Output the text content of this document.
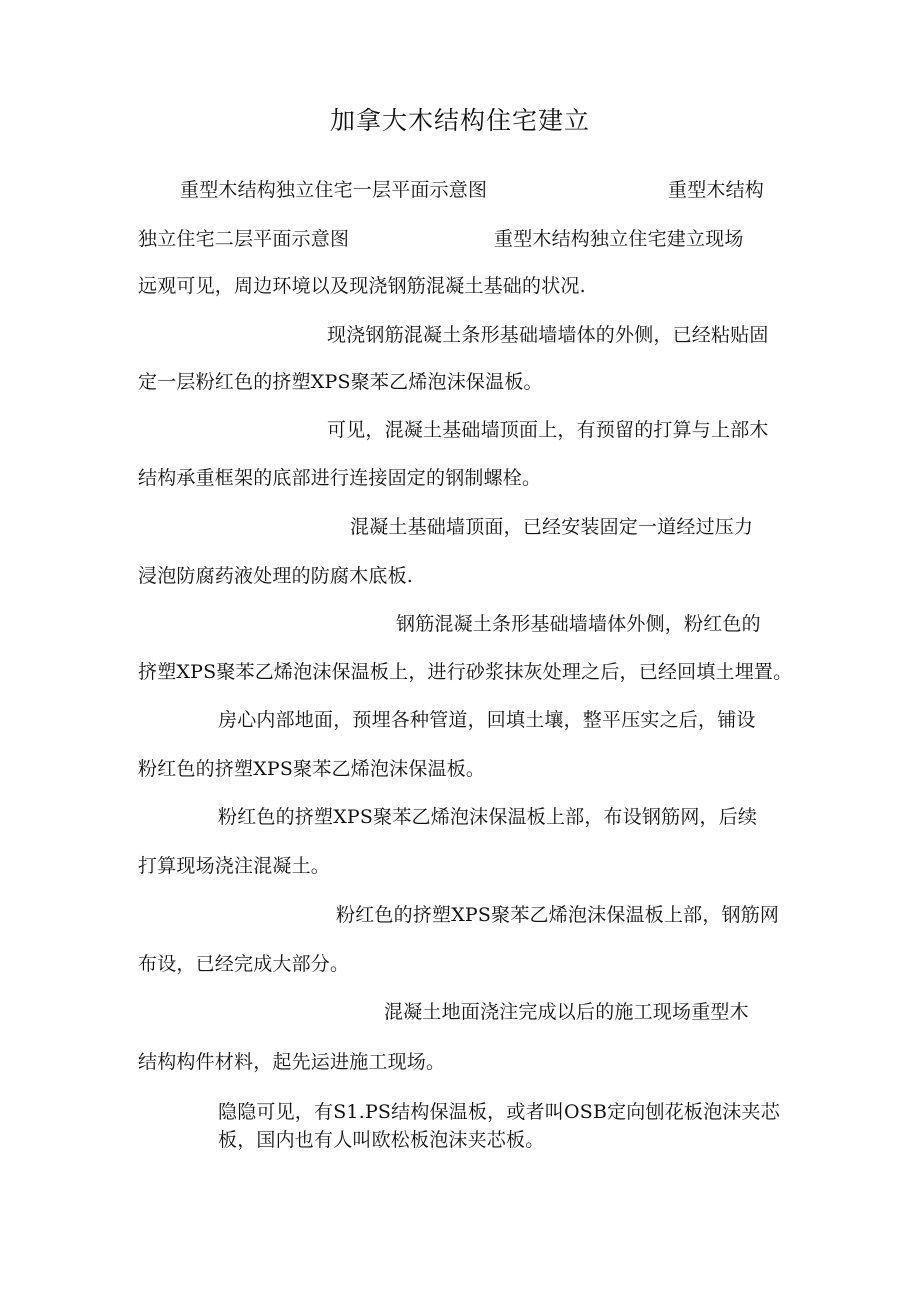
加拿大木结构住宅建立
重型木结构独立住宅一层平面示意图	重型木结构
独立住宅二层平面示意图	重型木结构独立住宅建立现场
远观可见，周边环境以及现浇钢筋混凝土基础的状况.
现浇钢筋混凝土条形基础墙墙体的外侧，已经粘贴固
定一层粉红色的挤塑XPS聚苯乙烯泡沫保温板。
可见，混凝土基础墙顶面上，有预留的打算与上部木
结构承重框架的底部进行连接固定的钢制螺栓。
混凝土基础墙顶面，已经安装固定一道经过压力
浸泡防腐药液处理的防腐木底板.
钢筋混凝土条形基础墙墙体外侧，粉红色的
挤塑XPS聚苯乙烯泡沫保温板上，进行砂浆抹灰处理之后，已经回填土埋置。
房心内部地面，预埋各种管道，回填土壤，整平压实之后，铺设
粉红色的挤塑XPS聚苯乙烯泡沫保温板。
粉红色的挤塑XPS聚苯乙烯泡沫保温板上部，布设钢筋网，后续
打算现场浇注混凝土。
粉红色的挤塑XPS聚苯乙烯泡沫保温板上部，钢筋网
布设，已经完成大部分。
混凝土地面浇注完成以后的施工现场重型木
结构构件材料，起先运进施工现场。
隐隐可见，有S1.PS结构保温板，或者叫OSB定向刨花板泡沫夹芯
板，国内也有人叫欧松板泡沫夹芯板。
